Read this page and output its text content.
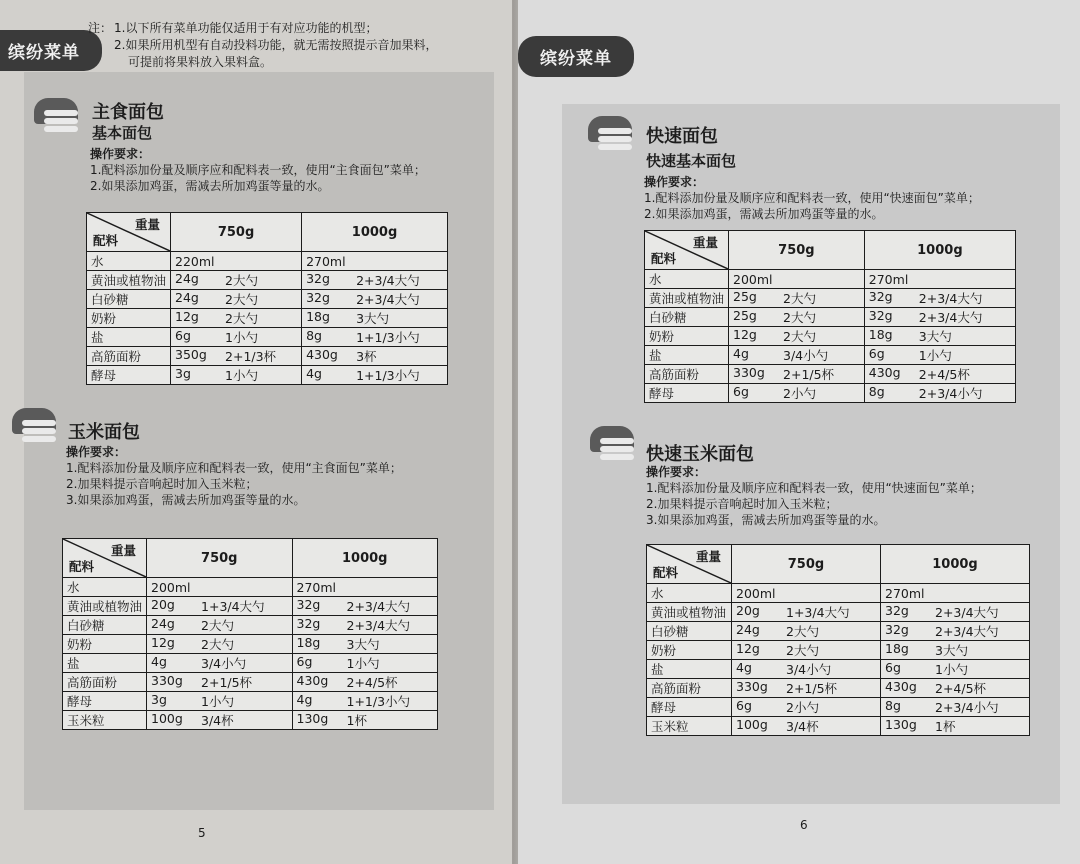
缤纷菜单
注： 1.以下所有菜单功能仅适用于有对应功能的机型；
2.如果所用机型有自动投料功能，就无需按照提示音加果料，
可提前将果料放入果料盒。
主食面包
基本面包
操作要求：
1.配料添加份量及顺序应和配料表一致，使用“主食面包”菜单；
2.如果添加鸡蛋，需减去所加鸡蛋等量的水。
重量
配料	750g	1000g
水	220ml	270ml
黄油或植物油	24g 2大勺	32g 2+3/4大勺

白砂糖	24g 2大勺	32g 2+3/4大勺

奶粉	12g 2大勺	18g 3大勺

盐	6g 1小勺	8g 1+1/3小勺

高筋面粉	350g 2+1/3杯	430g 3杯

酵母	3g 1小勺	4g 1+1/3小勺
玉米面包
操作要求：
1.配料添加份量及顺序应和配料表一致，使用“主食面包”菜单；
2.加果料提示音响起时加入玉米粒；
3.如果添加鸡蛋，需减去所加鸡蛋等量的水。
重量
配料	750g	1000g
水	200ml	270ml
黄油或植物油	20g 1+3/4大勺	32g 2+3/4大勺

白砂糖	24g 2大勺	32g 2+3/4大勺

奶粉	12g 2大勺	18g 3大勺

盐	4g 3/4小勺	6g 1小勺

高筋面粉	330g 2+1/5杯	430g 2+4/5杯

酵母	3g 1小勺	4g 1+1/3小勺

玉米粒	100g 3/4杯	130g 1杯
5
缤纷菜单
快速面包
快速基本面包
操作要求：
1.配料添加份量及顺序应和配料表一致，使用“快速面包”菜单；
2.如果添加鸡蛋，需减去所加鸡蛋等量的水。
重量
配料	750g	1000g
水	200ml	270ml
黄油或植物油	25g 2大勺	32g 2+3/4大勺

白砂糖	25g 2大勺	32g 2+3/4大勺

奶粉	12g 2大勺	18g 3大勺

盐	4g 3/4小勺	6g 1小勺

高筋面粉	330g 2+1/5杯	430g 2+4/5杯

酵母	6g 2小勺	8g 2+3/4小勺
快速玉米面包
操作要求：
1.配料添加份量及顺序应和配料表一致，使用“快速面包”菜单；
2.加果料提示音响起时加入玉米粒；
3.如果添加鸡蛋，需减去所加鸡蛋等量的水。
重量
配料	750g	1000g
水	200ml	270ml
黄油或植物油	20g 1+3/4大勺	32g 2+3/4大勺

白砂糖	24g 2大勺	32g 2+3/4大勺

奶粉	12g 2大勺	18g 3大勺

盐	4g 3/4小勺	6g 1小勺

高筋面粉	330g 2+1/5杯	430g 2+4/5杯

酵母	6g 2小勺	8g 2+3/4小勺

玉米粒	100g 3/4杯	130g 1杯
6
